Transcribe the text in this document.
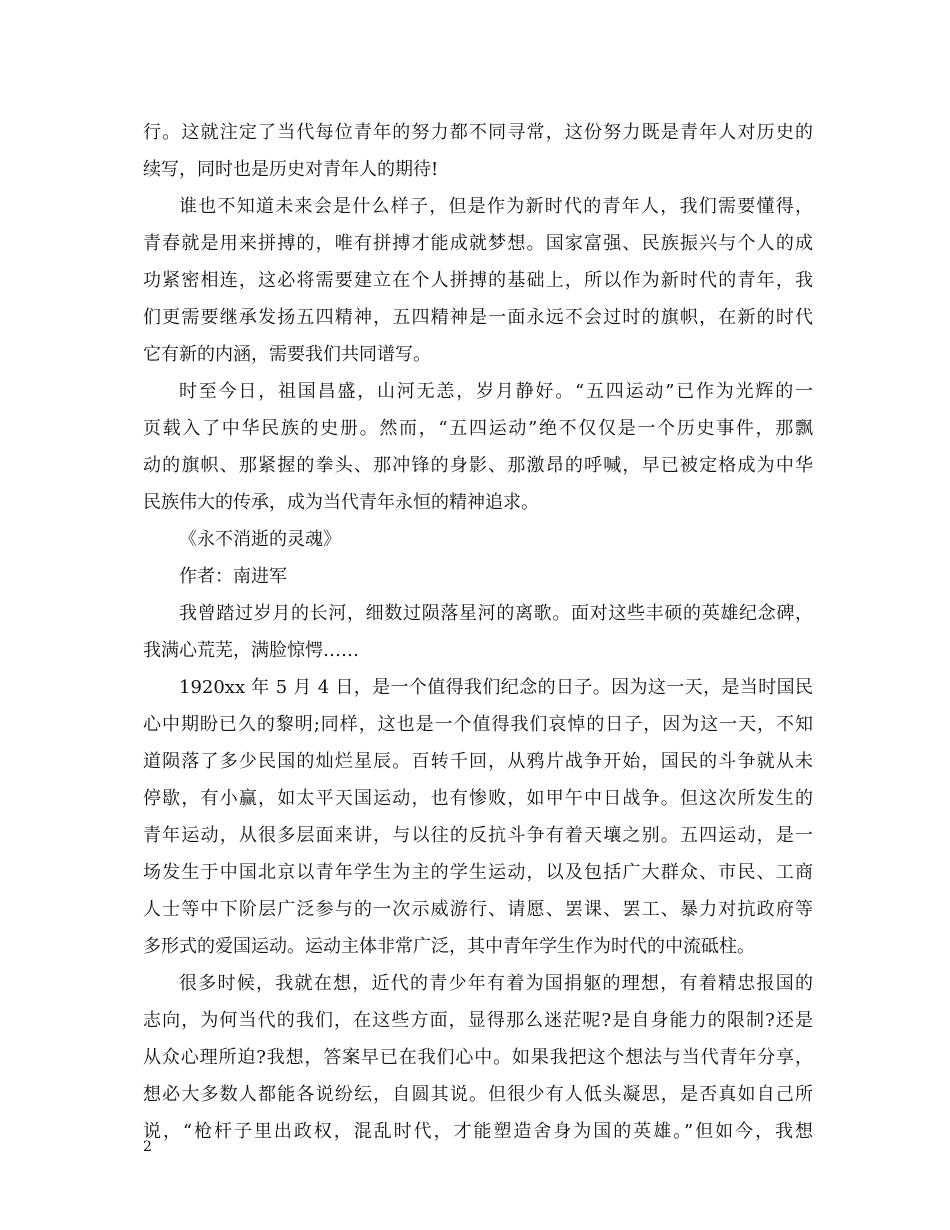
行。这就注定了当代每位青年的努力都不同寻常，这份努力既是青年人对历史的
续写，同时也是历史对青年人的期待!
谁也不知道未来会是什么样子，但是作为新时代的青年人，我们需要懂得，
青春就是用来拼搏的，唯有拼搏才能成就梦想。国家富强、民族振兴与个人的成
功紧密相连，这必将需要建立在个人拼搏的基础上，所以作为新时代的青年，我
们更需要继承发扬五四精神，五四精神是一面永远不会过时的旗帜，在新的时代
它有新的内涵，需要我们共同谱写。
时至今日，祖国昌盛，山河无恙，岁月静好。“五四运动”已作为光辉的一
页载入了中华民族的史册。然而，“五四运动”绝不仅仅是一个历史事件，那飘
动的旗帜、那紧握的拳头、那冲锋的身影、那激昂的呼喊，早已被定格成为中华
民族伟大的传承，成为当代青年永恒的精神追求。
《永不消逝的灵魂》
作者：南进军
我曾踏过岁月的长河，细数过陨落星河的离歌。面对这些丰硕的英雄纪念碑，
我满心荒芜，满脸惊愕……
1920xx 年 5 月 4 日，是一个值得我们纪念的日子。因为这一天，是当时国民
心中期盼已久的黎明;同样，这也是一个值得我们哀悼的日子，因为这一天，不知
道陨落了多少民国的灿烂星辰。百转千回，从鸦片战争开始，国民的斗争就从未
停歇，有小赢，如太平天国运动，也有惨败，如甲午中日战争。但这次所发生的
青年运动，从很多层面来讲，与以往的反抗斗争有着天壤之别。五四运动，是一
场发生于中国北京以青年学生为主的学生运动，以及包括广大群众、市民、工商
人士等中下阶层广泛参与的一次示威游行、请愿、罢课、罢工、暴力对抗政府等
多形式的爱国运动。运动主体非常广泛，其中青年学生作为时代的中流砥柱。
很多时候，我就在想，近代的青少年有着为国捐躯的理想，有着精忠报国的
志向，为何当代的我们，在这些方面，显得那么迷茫呢?是自身能力的限制?还是
从众心理所迫?我想，答案早已在我们心中。如果我把这个想法与当代青年分享，
想必大多数人都能各说纷纭，自圆其说。但很少有人低头凝思，是否真如自己所
说，“枪杆子里出政权，混乱时代，才能塑造舍身为国的英雄。”但如今，我想
2
